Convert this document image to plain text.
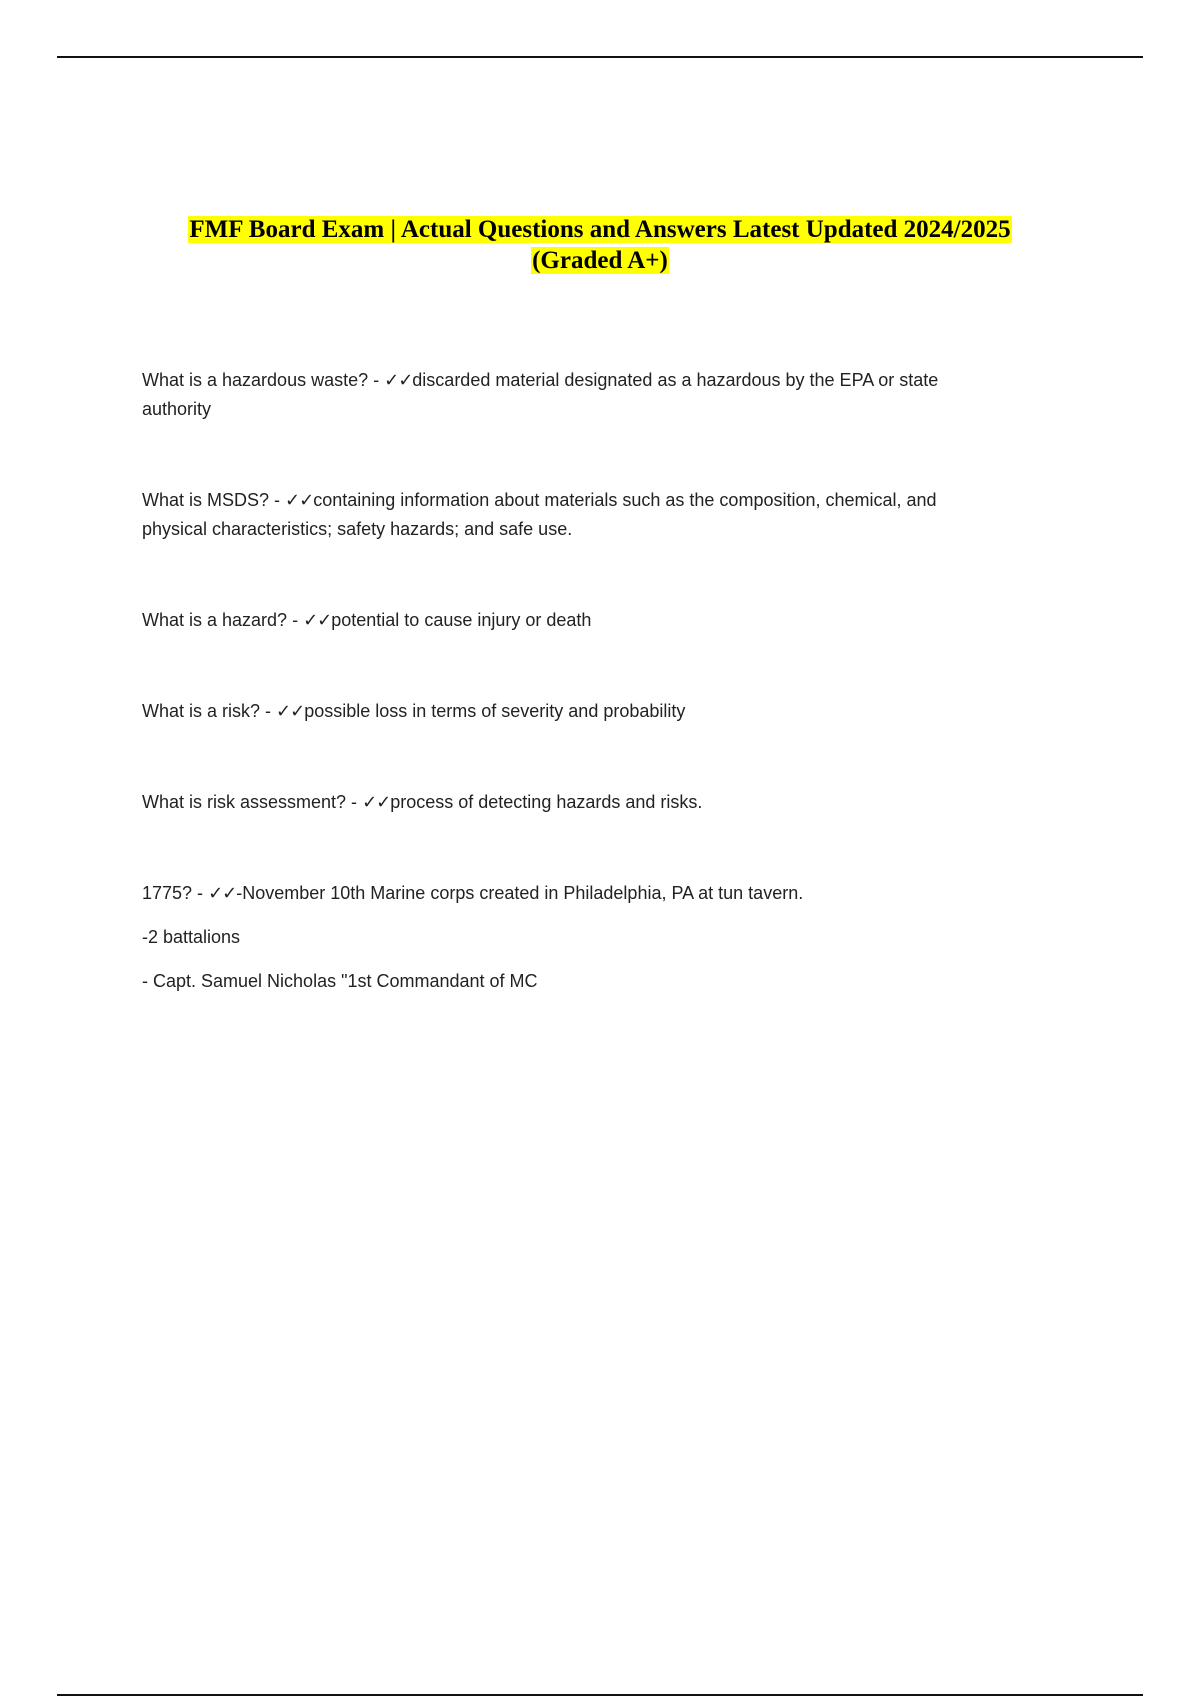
FMF Board Exam | Actual Questions and Answers Latest Updated 2024/2025
(Graded A+)

What is a hazardous waste? - ✓✓discarded material designated as a hazardous by the EPA or state authority

What is MSDS? - ✓✓containing information about materials such as the composition, chemical, and physical characteristics; safety hazards; and safe use.

What is a hazard? - ✓✓potential to cause injury or death

What is a risk? - ✓✓possible loss in terms of severity and probability

What is risk assessment? - ✓✓process of detecting hazards and risks.

1775? - ✓✓-November 10th Marine corps created in Philadelphia, PA at tun tavern.
-2 battalions
- Capt. Samuel Nicholas "1st Commandant of MC
